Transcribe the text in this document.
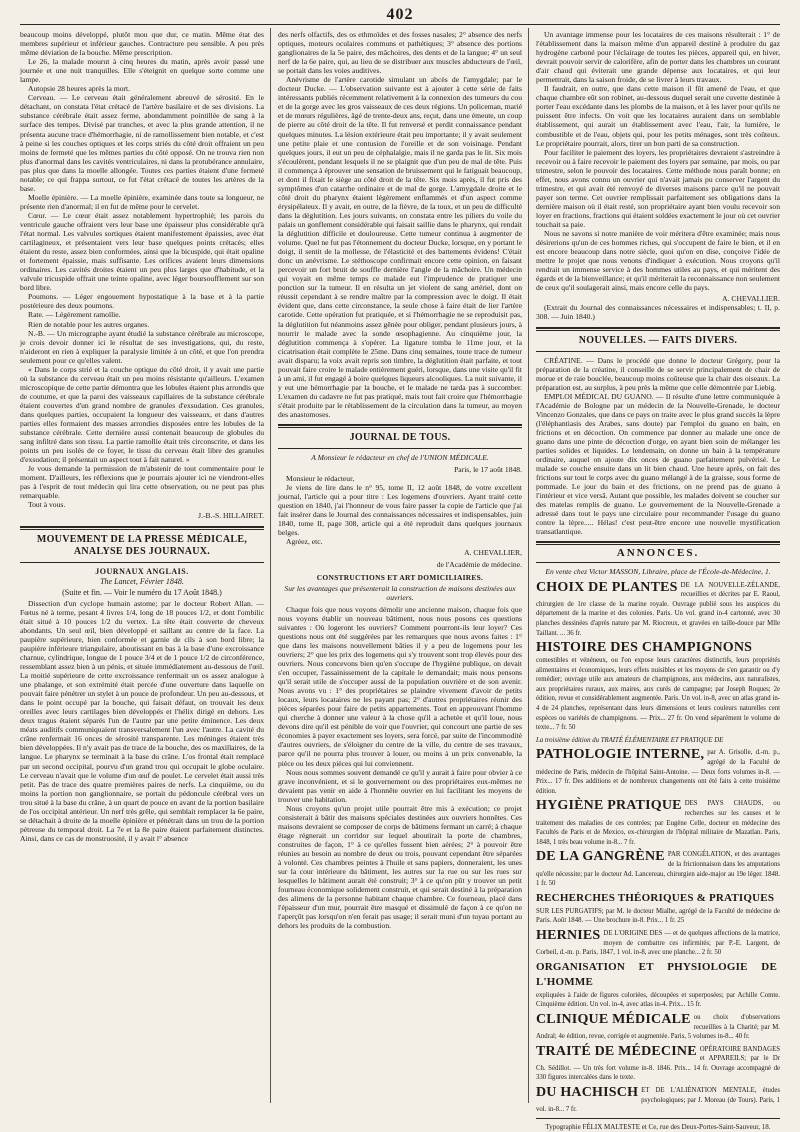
402

beaucoup moins développé, plutôt mou que dur, ce matin. Même état des membres supérieur et inférieur gauches. Contracture peu sensible. A peu près même déviation de la bouche. Même prescription.

Le 26, la malade mourut à cinq heures du matin, après avoir passé une journée et une nuit tranquilles. Elle s'éteignit en quelque sorte comme une lampe.

Autopsie 28 heures après la mort.

Cerveau. — Le cerveau était généralement abreuvé de sérosité. En le détachant, on constata l'état crétacé de l'artère basilaire et de ses divisions. La substance cérébrale était assez ferme, abondamment pointillée de sang à la surface des tempes. Divisé par tranches, et avec la plus grande attention, il ne présenta aucune trace d'hémorrhagie, ni de ramollissement bien notable, et c'est à peine si les couches optiques et les corps striés du côté droit offraient un peu moins de fermeté que les mêmes parties du côté opposé. On ne trouva rien non plus d'anormal dans les cavités ventriculaires, ni dans la protubérance annulaire, pas plus que dans la moelle allongée. Toutes ces parties étaient d'une fermeté notable; ce qui frappa surtout, ce fut l'état crétacé de toutes les artères de la base.

Moelle épinière. — La moelle épinière, examinée dans toute sa longueur, ne présente rien d'anormal; il en fut de même pour le cervelet.

Cœur. — Le cœur était assez notablement hypertrophié; les parois du ventricule gauche offraient vers leur base une épaisseur plus considérable qu'à l'état normal. Les valvules sortiques étaient manifestement épaissies, avec état cartilagineux, et présentaient vers leur base quelques points crétacés; elles étaient du reste, assez bien conformées, ainsi que la bicuspide, qui était opaline et fortement épaissie, mais suffisante. Les orifices avaient leurs dimensions ordinaires. Les cavités droites étaient un peu plus larges que d'habitude, et la valvule tricuspide offrait une teinte opaline, avec léger boursoufflement sur son bord libre.

Poumons. — Léger engouement hypostatique à la base et à la partie postérieure des deux poumons.

Rate. — Légèrement ramollie.

Rien de notable pour les autres organes.

N.-B. — Un micrographe ayant étudié la substance cérébrale au microscope, je crois devoir donner ici le résultat de ses investigations, qui, du reste, n'aideront en rien à expliquer la paralysie limitée à un côté, et que l'on prendra seulement pour ce qu'elles valent.

« Dans le corps strié et la couche optique du côté droit, il y avait une partie où la substance du cerveau était un peu moins résistante qu'ailleurs. L'examen microscopique de cette partie démontra que les lobules étaient plus arrondis que de coutume, et que la paroi des vaisseaux capillaires de la substance cérébrale étaient couvertes d'un grand nombre de granules d'exsudation. Ces granules, dans quelques parties, occupaient la longueur des vaisseaux, et dans d'autres parties elles formaient des masses arrondies disposées entre les lobules de la substance cérébrale. Cette dernière aussi contenait beaucoup de globules du sang infiltré dans son tissu. La partie ramollie était très circonscrite, et dans les points un peu isolés de ce foyer, le tissu du cerveau était libre des granules d'exsudation; il présentait un aspect tout à fait naturel. »

Je vous demande la permission de m'abstenir de tout commentaire pour le moment. D'ailleurs, les réflexions que je pourrais ajouter ici ne viendront-elles pas à l'esprit de tout médecin qui lira cette observation, ou ne peut pas plus remarquable.

Tout à vous.

J.-B.-S. HILLAIRET.
MOUVEMENT DE LA PRESSE MÉDICALE, ANALYSE DES JOURNAUX.
JOURNAUX ANGLAIS.
The Lancet, Février 1848.
(Suite et fin. — Voir le numéro du 17 Août 1848.)

Dissection d'un cyclope humain astome; par le docteur Robert Allan. — Fœtus né à terme, pesant 4 livres 1/4, long de 18 pouces 1/2, et dont l'ombilic était situé à 10 pouces 1/2 du vertex. La tête était couverte de cheveux abondants. Un seul œil, bien développé et saillant au centre de la face. La paupière supérieure, bien conformée et garnie de cils à son bord libre; la paupière inférieure triangulaire, aboutissant en bas à la base d'une excroissance charnue, cylindrique, longue de 1 pouce 3/4 et de 1 pouce 1/2 de circonférence, ressemblant assez bien à un pénis, et située immédiatement au-dessous de l'œil. La moitié supérieure de cette excroissance renfermait un os assez analogue à une phalange, et son extrémité était percée d'une ouverture dans laquelle on pouvait faire pénétrer un stylet à un pouce de profondeur. Un peu au-dessous, et dans le point occupé par la bouche, qui faisait défaut, on trouvait les deux oreilles avec leurs cartilages bien développés et l'hélix dirigé en dehors. Les deux tragus étaient séparés l'un de l'autre par une petite éminence. Les deux méats auditifs communiquaient transversalement l'un avec l'autre. La cavité du crâne renfermait 16 onces de sérosité transparente. Les méninges étaient très bien développées. Il n'y avait pas de trace de la bouche, des os maxillaires, de la langue. Le pharynx se terminait à la base du crâne. L'os frontal était remplacé par un second occipital, pourvu d'un grand trou qui occupait le globe oculaire. Le cerveau n'avait que le volume d'un œuf de poulet. Le cervelet était aussi très petit. Pas de trace des quatre premières paires de nerfs. La cinquième, ou du moins la portion non ganglionnaire, se portait du pédoncule cérébral vers un trou situé à la base du crâne, à un quart de pouce en avant de la portion basilaire de l'os occipital antérieur. Un nerf très grêle, qui semblait remplacer la 6e paire, se détachait à droite de la moelle épinière et pénétrait dans un trou de la portion pétreuse du temporal droit. La 7e et la 8e paire étaient parfaitement distinctes. Ainsi, dans ce cas de monstruosité, il y avait l° absence

des nerfs olfactifs, des os ethmoïdes et des fosses nasales; 2° absence des nerfs optiques, moteurs oculaires communs et pathétiques; 3° absence des portions ganglionaires de la 5e paire, des mâchoires, des dents et de la langue; 4° un seul nerf de la 6e paire, qui, au lieu de se distribuer aux muscles abducteurs de l'œil, se portait dans les voies auditives.

Anévrisme de l'artère carotide simulant un abcès de l'amygdale; par le docteur Ducke. — L'observation suivante est à ajouter à cette série de faits intéressants publiés récemment relativement à la connexion des tumeurs du cou et de la gorge avec les gros vaisseaux de ces deux régions. Un policeman, marié et de mœurs régulières, âgé de trente-deux ans, reçut, dans une émeute, un coup de pierre au côté droit de la tête. Il fut renversé et perdit connaissance pendant quelques minutes. La lésion extérieure était peu importante; il y avait seulement une petite plaie et une contusion de l'oreille et de son voisinage. Pendant quelques jours, il eut un peu de céphalalgie, mais il ne garda pas le lit. Six mois s'écoulèrent, pendant lesquels il ne se plaignit que d'un peu de mal de tête. Puis il commença à éprouver une sensation de bruissement qui le fatiguait beaucoup, et dont il fixait le siège au côté droit de la tête. Six mois après, il fut pris des symptômes d'un catarrhe ordinaire et de mal de gorge. L'amygdale droite et le côté droit du pharynx étaient légèrement enflammés et d'un aspect comme érysipélateux. Il y avait, en outre, de la fièvre, de la toux, et un peu de difficulté dans la déglutition. Les jours suivants, on constata entre les piliers du voile du palais un gonflement considérable qui faisait saillie dans le pharynx, qui rendait la déglutition difficile et douloureuse. Cette tumeur continua à augmenter de volume. Quel ne fut pas l'étonnement du docteur Ducke, lorsque, en y portant le doigt, il sentit de la mollesse, de l'élasticité et des battements évidens! C'était donc un anévrisme. Le stéthoscope confirmait encore cette opinion, en faisant percevoir un fort bruit de souffle dernière l'angle de la mâchoire. Un médecin qui voyait en même temps ce malade eut l'imprudence de pratiquer une ponction sur la tumeur. Il en résulta un jet violent de sang artériel, dont on réussit cependant à se rendre maître par la compression avec le doigt. Il était évident que, dans cette circonstance, la seule chose à faire était de lier l'artère carotide. Cette opération fut pratiquée, et si l'hémorrhagie ne se reproduisit pas, la déglutition fut néanmoins assez gênée pour obliger, pendant plusieurs jours, à nourrir le malade avec la sonde œsophagienne. Au cinquième jour, la déglutition commença à s'opérer. La ligature tomba le 11me jour, et la cicatrisation était complète le 25me. Dans cinq semaines, toute trace de tumeur avait disparu; la voix avait repris son timbre, la déglutition était parfaite, et tout pouvait faire croire le malade entièrement guéri, lorsque, dans une visite qu'il fit à un ami, il fut engagé à boire quelques liqueurs alcooliques. La nuit suivante, il y eut une hémorrhagie par la bouche, et le malade ne tarda pas à succomber. L'examen du cadavre ne fut pas pratiqué, mais tout fait croire que l'hémorrhagie s'était produite par le rétablissement de la circulation dans la tumeur, au moyen des anastomoses.

JOURNAL DE TOUS.
A Monsieur le rédacteur en chef de l'UNION MÉDICALE.
Paris, le 17 août 1848.

Monsieur le rédacteur,

Je viens de lire dans le n° 95, tome II, 12 août 1848, de votre excellent journal, l'article qui a pour titre : Les logemens d'ouvriers. Ayant traité cette question en 1840, j'ai l'honneur de vous faire passer la copie de l'article que j'ai fait insérer dans le Journal des connaissances nécessaires et indispensables, juin 1840, tome II, page 308, article qui a été reproduit dans quelques journaux belges.

Agréez, etc.

A. CHEVALLIER,
de l'Académie de médecine.
CONSTRUCTIONS ET ART DOMICILIAIRES.
Sur les avantages que présenterait la construction de maisons destinées aux ouvriers.

Chaque fois que nous voyons démolir une ancienne maison, chaque fois que nous voyons établir un nouveau bâtiment, nous nous posons ces questions suivantes : Où logeront les ouvriers? Comment pourront-ils leur loyer? Ces questions nous ont été suggérées par les remarques que nous avons faites : 1° que dans les maisons nouvellement bâties il y a peu de logemens pour les ouvriers; 2° que les prix des logemens qui s'y trouvent sont trop élevés pour des ouvriers. Nous concevons bien qu'en s'occupe de l'hygiène publique, on devait s'en occuper, l'assainissement de la capitale le demandait; mais nous pensons qu'il serait utile de s'occuper aussi de la population ouvrière et de son avenir. Nous avons vu : 1° des propriétaires se plaindre vivement d'avoir de petits locaux, leurs locataires ne les payant pas; 2° d'autres propriétaires réunir des pièces séparées pour faire de petits appartements. Tout en approuvant l'homme qui cherche à donner une valeur à la chose qu'il a achetée et qu'il loue, nous devons dire qu'il est pénible de voir que l'ouvrier, qui concourt une partie de ses économies à payer exactement ses loyers, sera forcé, par suite de l'incommodité d'autres ouvriers, de s'éloigner du centre de la ville, du centre de ses travaux, parce qu'il ne pourra plus trouver à louer, ou moins à un prix convenable, la pièce ou les deux pièces qui lui conviennent.

Nous nous sommes souvent demandé ce qu'il y aurait à faire pour obvier à ce grave inconvénient, et si le gouvernement ou des propriétaires eux-mêmes ne devaient pas venir en aide à l'honnête ouvrier en lui facilitant les moyens de trouver une habitation.

Nous croyons qu'un projet utile pourrait être mis à exécution; ce projet consisterait à bâtir des maisons spéciales destinées aux ouvriers honnêtes. Ces maisons devraient se composer de corps de bâtimens fermant un carré; à chaque étage régnerait un corridor sur lequel aboutirait la porte de chambres, construites de façon, 1° à ce qu'elles fussent bien aérées; 2° à pouvoir être réunies au besoin au nombre de deux ou trois, pouvant cependant être séparées à volonté. Ces chambres peintes à l'huile et sans papiers, donneraient, les unes sur la cour intérieure du bâtiment, les autres sur la rue ou sur les rues sur lesquelles le bâtiment aurait été construit; 3° à ce qu'on pût y trouver un petit fourneau économique solidement construit, et qui serait destiné à la préparation des alimens de la personne habitant chaque chambre. Ce fourneau, placé dans l'épaisseur d'un mur, pourrait être masqué et dissimulé de façon à ce qu'on ne l'aperçût pas lorsqu'on n'en ferait pas usage; il serait muni d'un tuyau portant au dehors les produits de la combustion.

Un avantage immense pour les locataires de ces maisons résulterait : 1° de l'établissement dans la maison même d'un appareil destiné à produire du gaz hydrogène carboné pour l'éclairage de toutes les pièces, appareil qui, en hiver, devrait pouvoir servir de calorifère, afin de porter dans les chambres un courant d'air chaud qui éviterait une grande dépense aux locataires, et qui leur permettrait, dans la saison froide, de se livrer à leurs travaux.

Il faudrait, en outre, que dans cette maison il fût amené de l'eau, et que chaque chambre eût son robinet, au-dessous duquel serait une cuvette destinée à porter l'eau excédante dans les plombs de la maison, et à les laver pour qu'ils ne puissent être infects. On voit que les locataires auraient dans un semblable établissement, qui aurait un établissement avec l'eau, l'air, la lumière, le combustible et de l'eau, objets qui, pour les petits ménages, sont très coûteux. Le propriétaire pourrait, alors, tirer un bon parti de sa construction.

Pour faciliter le paiement des loyers, les propriétaires devraient s'astreindre à recevoir ou à faire recevoir le paiement des loyers par semaine, par mois, ou par trimestre, selon le pouvoir des locataires. Cette méthode nous paraît bonne; en effet, nous avons connu un ouvrier qui n'avait jamais pu conserver l'argent du trimestre, et qui avait été renvoyé de diverses maisons parce qu'il ne pouvait payer son terme. Cet ouvrier remplissait parfaitement ses obligations dans la dernière maison où il était resté, son propriétaire ayant bien voulu recevoir son loyer en fractions, fractions qui étaient soldées exactement le jour où cet ouvrier touchait sa paie.

Nous ne savons si notre manière de voir méritera d'être examinée; mais nous désirerions qu'un de ces hommes riches, qui s'occupent de faire le bien, et il en est encore beaucoup dans notre siècle, quoi qu'on en dise, conçoive l'idée de mettre le projet que nous venons d'indiquer à exécution. Nous croyons qu'il rendrait un immense service à des hommes utiles au pays, et qui méritent des égards et de la bienveillance; et qu'il mériterait la reconnaissance non seulement de ceux qu'il soulagerait ainsi, mais encore celle du pays.

A. CHEVALLIER.

(Extrait du Journal des connaissances nécessaires et indispensables; t. II, p. 308. — Juin 1840.)

NOUVELLES. — FAITS DIVERS.

CRÉATINE. — Dans le procédé que donne le docteur Grégory, pour la préparation de la créatine, il conseille de se servir principalement de chair de morue et de raie bouclée, beaucoup moins coûteuse que la chair des oiseaux. La préparation est, au surplus, à peu près la même que celle démontrée par Liebig.

EMPLOI MÉDICAL DU GUANO. — Il résulte d'une lettre communiquée à l'Académie de Bologne par un médecin de la Nouvelle-Grenade, le docteur Vincenzo Gonzales, que dans ce pays on traite avec le plus grand succès la lèpre (l'éléphantiasis des Arabes, sans doute) par l'emploi du guano en bain, en frictions et en décoction. On commence par donner au malade une once de guano dans une pinte de décoction d'orge, en ayant bien soin de mélanger les parties solides et liquides. Le lendemain, on donne un bain à la température ordinaire, auquel on ajoute dix onces de guano parfaitement pulvérisé. Le malade se couche ensuite dans un lit bien chaud. Une heure après, on fait des frictions sur tout le corps avec du guano mélangé à de la graisse, sous forme de pommade. Le jour du bain et des frictions, on ne prend pas de guano à l'intérieur et vice versâ. Autant que possible, les malades doivent se coucher sur des matelas remplis de guano. Le gouvernement de la Nouvelle-Grenade a adressé dans tout le pays une circulaire pour recommander l'usage du guano contre la lèpre..... Hélas! c'est peut-être encore une nouvelle mystification transatlantique.

ANNONCES.
En vente chez Victor MASSON, Libraire, place de l'École-de-Médecine, 1.
CHOIX DE PLANTES DE LA NOUVELLE-ZÉLANDE, recueillies et décrites par E. Raoul, chirurgien de 1re classe de la marine royale. Ouvrage publié sous les auspices du département de la marine et des colonies. Paris. Un vol. grand in-4 cartonné, avec 30 planches dessinées d'après nature par M. Riocreux, et gravées en taille-douce par Mlle Taillant. ... 36 fr.
HISTOIRE DES CHAMPIGNONS
comestibles et vénéneux, ou l'on expose leurs caractères distinctifs, leurs propriétés alimentaires et économiques, leurs effets nuisibles et les moyens de s'en garantir ou d'y remédier; ouvrage utile aux amateurs de champignons, aux médecins, aux naturalistes, aux propriétaires ruraux, aux maires, aux curés de campagne; par Joseph Roques; 2e édition, revue et considérablement augmentée. Paris. Un vol. in-8, avec un atlas grand in-4 de 24 planches, représentant dans leurs dimensions et leurs couleurs naturelles cent espèces ou variétés de champignons. — Prix... 27 fr. On vend séparément le volume de texte... 7 fr. 50
La troisième édition du TRAITÉ ÉLÉMENTAIRE ET PRATIQUE DE
PATHOLOGIE INTERNE, par A. Grisolle, d.-m. p., agrégé de la Faculté de médecine de Paris, médecin de l'hôpital Saint-Antoine. — Deux forts volumes in-8. — Prix... 17 fr. Des additions et de nombreux changements ont été faits à cette troisième édition.
HYGIÈNE PRATIQUE DES PAYS CHAUDS, ou recherches sur les causes et le traitement des maladies de ces contrées; par Eugène Celle, docteur en médecine des Facultés de Paris et de Mexico, ex-chirurgien de l'hôpital militaire de Mazatlan. Paris, 1848, 1 très beau volume in-8... 7 fr.
DE LA GANGRÈNE PAR CONGÉLATION, et des avantages de la frictionnaison dans les amputations qu'elle nécessite; par le docteur Ad. Lancereau, chirurgien aide-major au 19e léger. 1848. 1 fr. 50
RECHERCHES THÉORIQUES & PRATIQUES
SUR LES PURGATIFS; par M. le docteur Mialhe, agrégé de la Faculté de médecine de Paris. Août 1848. — Une brochure in-8. Prix... 1 fr. 25
HERNIES DE L'ORIGINE DES — et de quelques affections de la matrice, moyen de combattre ces infirmités; par P.-E. Largent, de Corbeil, d.-m. p. Paris, 1847, 1 vol. in-8, avec une planche... 2 fr. 50
ORGANISATION ET PHYSIOLOGIE DE L'HOMME
expliquées à l'aide de figures coloriées, découpées et superposées; par Achille Comte. Cinquième édition. Un vol. in-4, avec atlas in-4. Prix... 15 fr.
CLINIQUE MÉDICALE ou choix d'observations recueillies à la Charité; par M. Andral; 4e édition, revue, corrigée et augmentée. Paris, 5 volumes in-8... 40 fr.
TRAITÉ DE MÉDECINE OPÉRATOIRE BANDAGES et APPAREILS; par le Dr Ch. Sédillot. — Un très fort volume in-8. 1846. Prix... 14 fr. Ouvrage accompagné de 330 figures intercalées dans le texte.
DU HACHISCH ET DE L'ALIÉNATION MENTALE, études psychologiques; par J. Moreau (de Tours). Paris, 1 vol. in-8... 7 fr.
Typographie FÉLIX MALTESTE et Ce, rue des Deux-Portes-Saint-Sauveur, 18.
